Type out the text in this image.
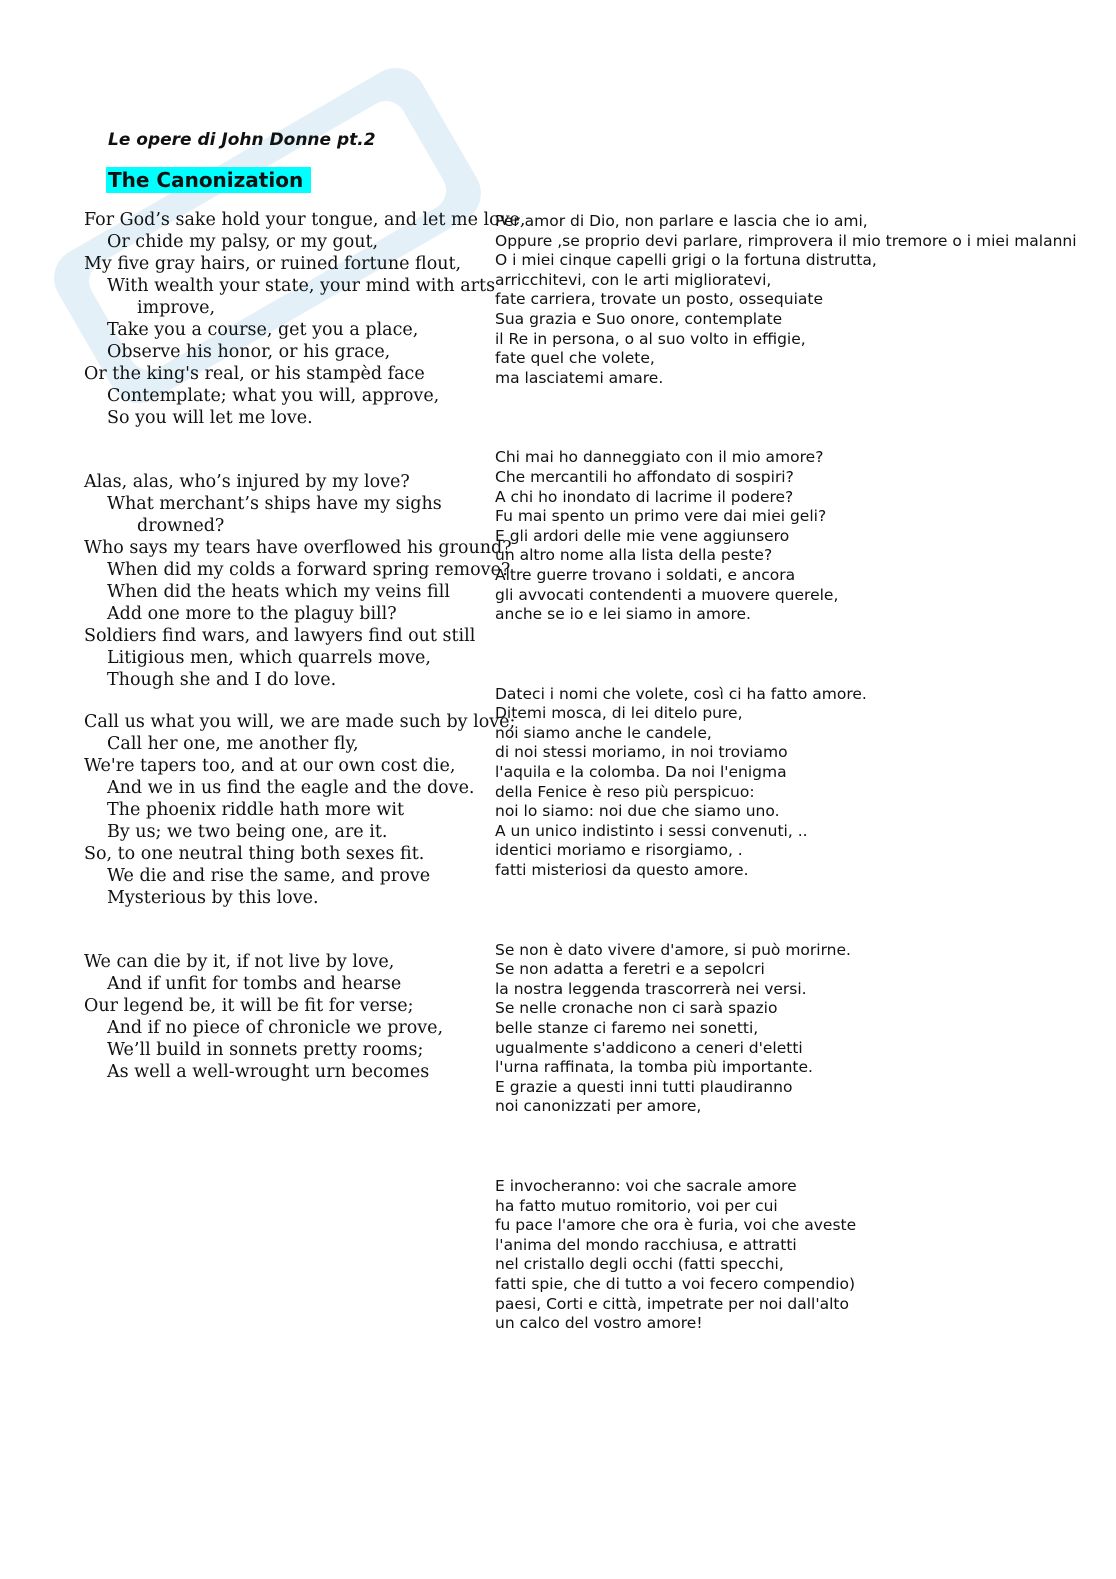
Le opere di John Donne pt.2
The Canonization
For God’s sake hold your tongue, and let me love,
Or chide my palsy, or my gout,
My five gray hairs, or ruined fortune flout,
With wealth your state, your mind with arts improve,
Take you a course, get you a place,
Observe his honor, or his grace,
Or the king's real, or his stampèd face
Contemplate; what you will, approve,
So you will let me love.
Alas, alas, who’s injured by my love?
What merchant’s ships have my sighs drowned?
Who says my tears have overflowed his ground?
When did my colds a forward spring remove?
When did the heats which my veins fill
Add one more to the plaguy bill?
Soldiers find wars, and lawyers find out still
Litigious men, which quarrels move,
Though she and I do love.
Call us what you will, we are made such by love;
Call her one, me another fly,
We're tapers too, and at our own cost die,
And we in us find the eagle and the dove.
The phoenix riddle hath more wit
By us; we two being one, are it.
So, to one neutral thing both sexes fit.
We die and rise the same, and prove
Mysterious by this love.
We can die by it, if not live by love,
And if unfit for tombs and hearse
Our legend be, it will be fit for verse;
And if no piece of chronicle we prove,
We’ll build in sonnets pretty rooms;
As well a well-wrought urn becomes
Per amor di Dio, non parlare e lascia che io ami,
Oppure ,se proprio devi parlare, rimprovera il mio tremore o i miei malanni
O i miei cinque capelli grigi o la fortuna distrutta,
arricchitevi, con le arti miglioratevi,
fate carriera, trovate un posto, ossequiate
Sua grazia e Suo onore, contemplate
il Re in persona, o al suo volto in effigie,
fate quel che volete,
ma lasciatemi amare.
Chi mai ho danneggiato con il mio amore?
Che mercantili ho affondato di sospiri?
A chi ho inondato di lacrime il podere?
Fu mai spento un primo vere dai miei geli?
E gli ardori delle mie vene aggiunsero
un altro nome alla lista della peste?
Altre guerre trovano i soldati, e ancora
gli avvocati contendenti a muovere querele,
anche se io e lei siamo in amore.
Dateci i nomi che volete, così ci ha fatto amore.
Ditemi mosca, di lei ditelo pure,
noi siamo anche le candele,
di noi stessi moriamo, in noi troviamo
l'aquila e la colomba. Da noi l'enigma
della Fenice è reso più perspicuo:
noi lo siamo: noi due che siamo uno.
A un unico indistinto i sessi convenuti, ..
identici moriamo e risorgiamo, .
fatti misteriosi da questo amore.
Se non è dato vivere d'amore, si può morirne.
Se non adatta a feretri e a sepolcri
la nostra leggenda trascorrerà nei versi.
Se nelle cronache non ci sarà spazio
belle stanze ci faremo nei sonetti,
ugualmente s'addicono a ceneri d'eletti
l'urna raffinata, la tomba più importante.
E grazie a questi inni tutti plaudiranno
noi canonizzati per amore,
E invocheranno: voi che sacrale amore
ha fatto mutuo romitorio, voi per cui
fu pace l'amore che ora è furia, voi che aveste
l'anima del mondo racchiusa, e attratti
nel cristallo degli occhi (fatti specchi,
fatti spie, che di tutto a voi fecero compendio)
paesi, Corti e città, impetrate per noi dall'alto
un calco del vostro amore!
